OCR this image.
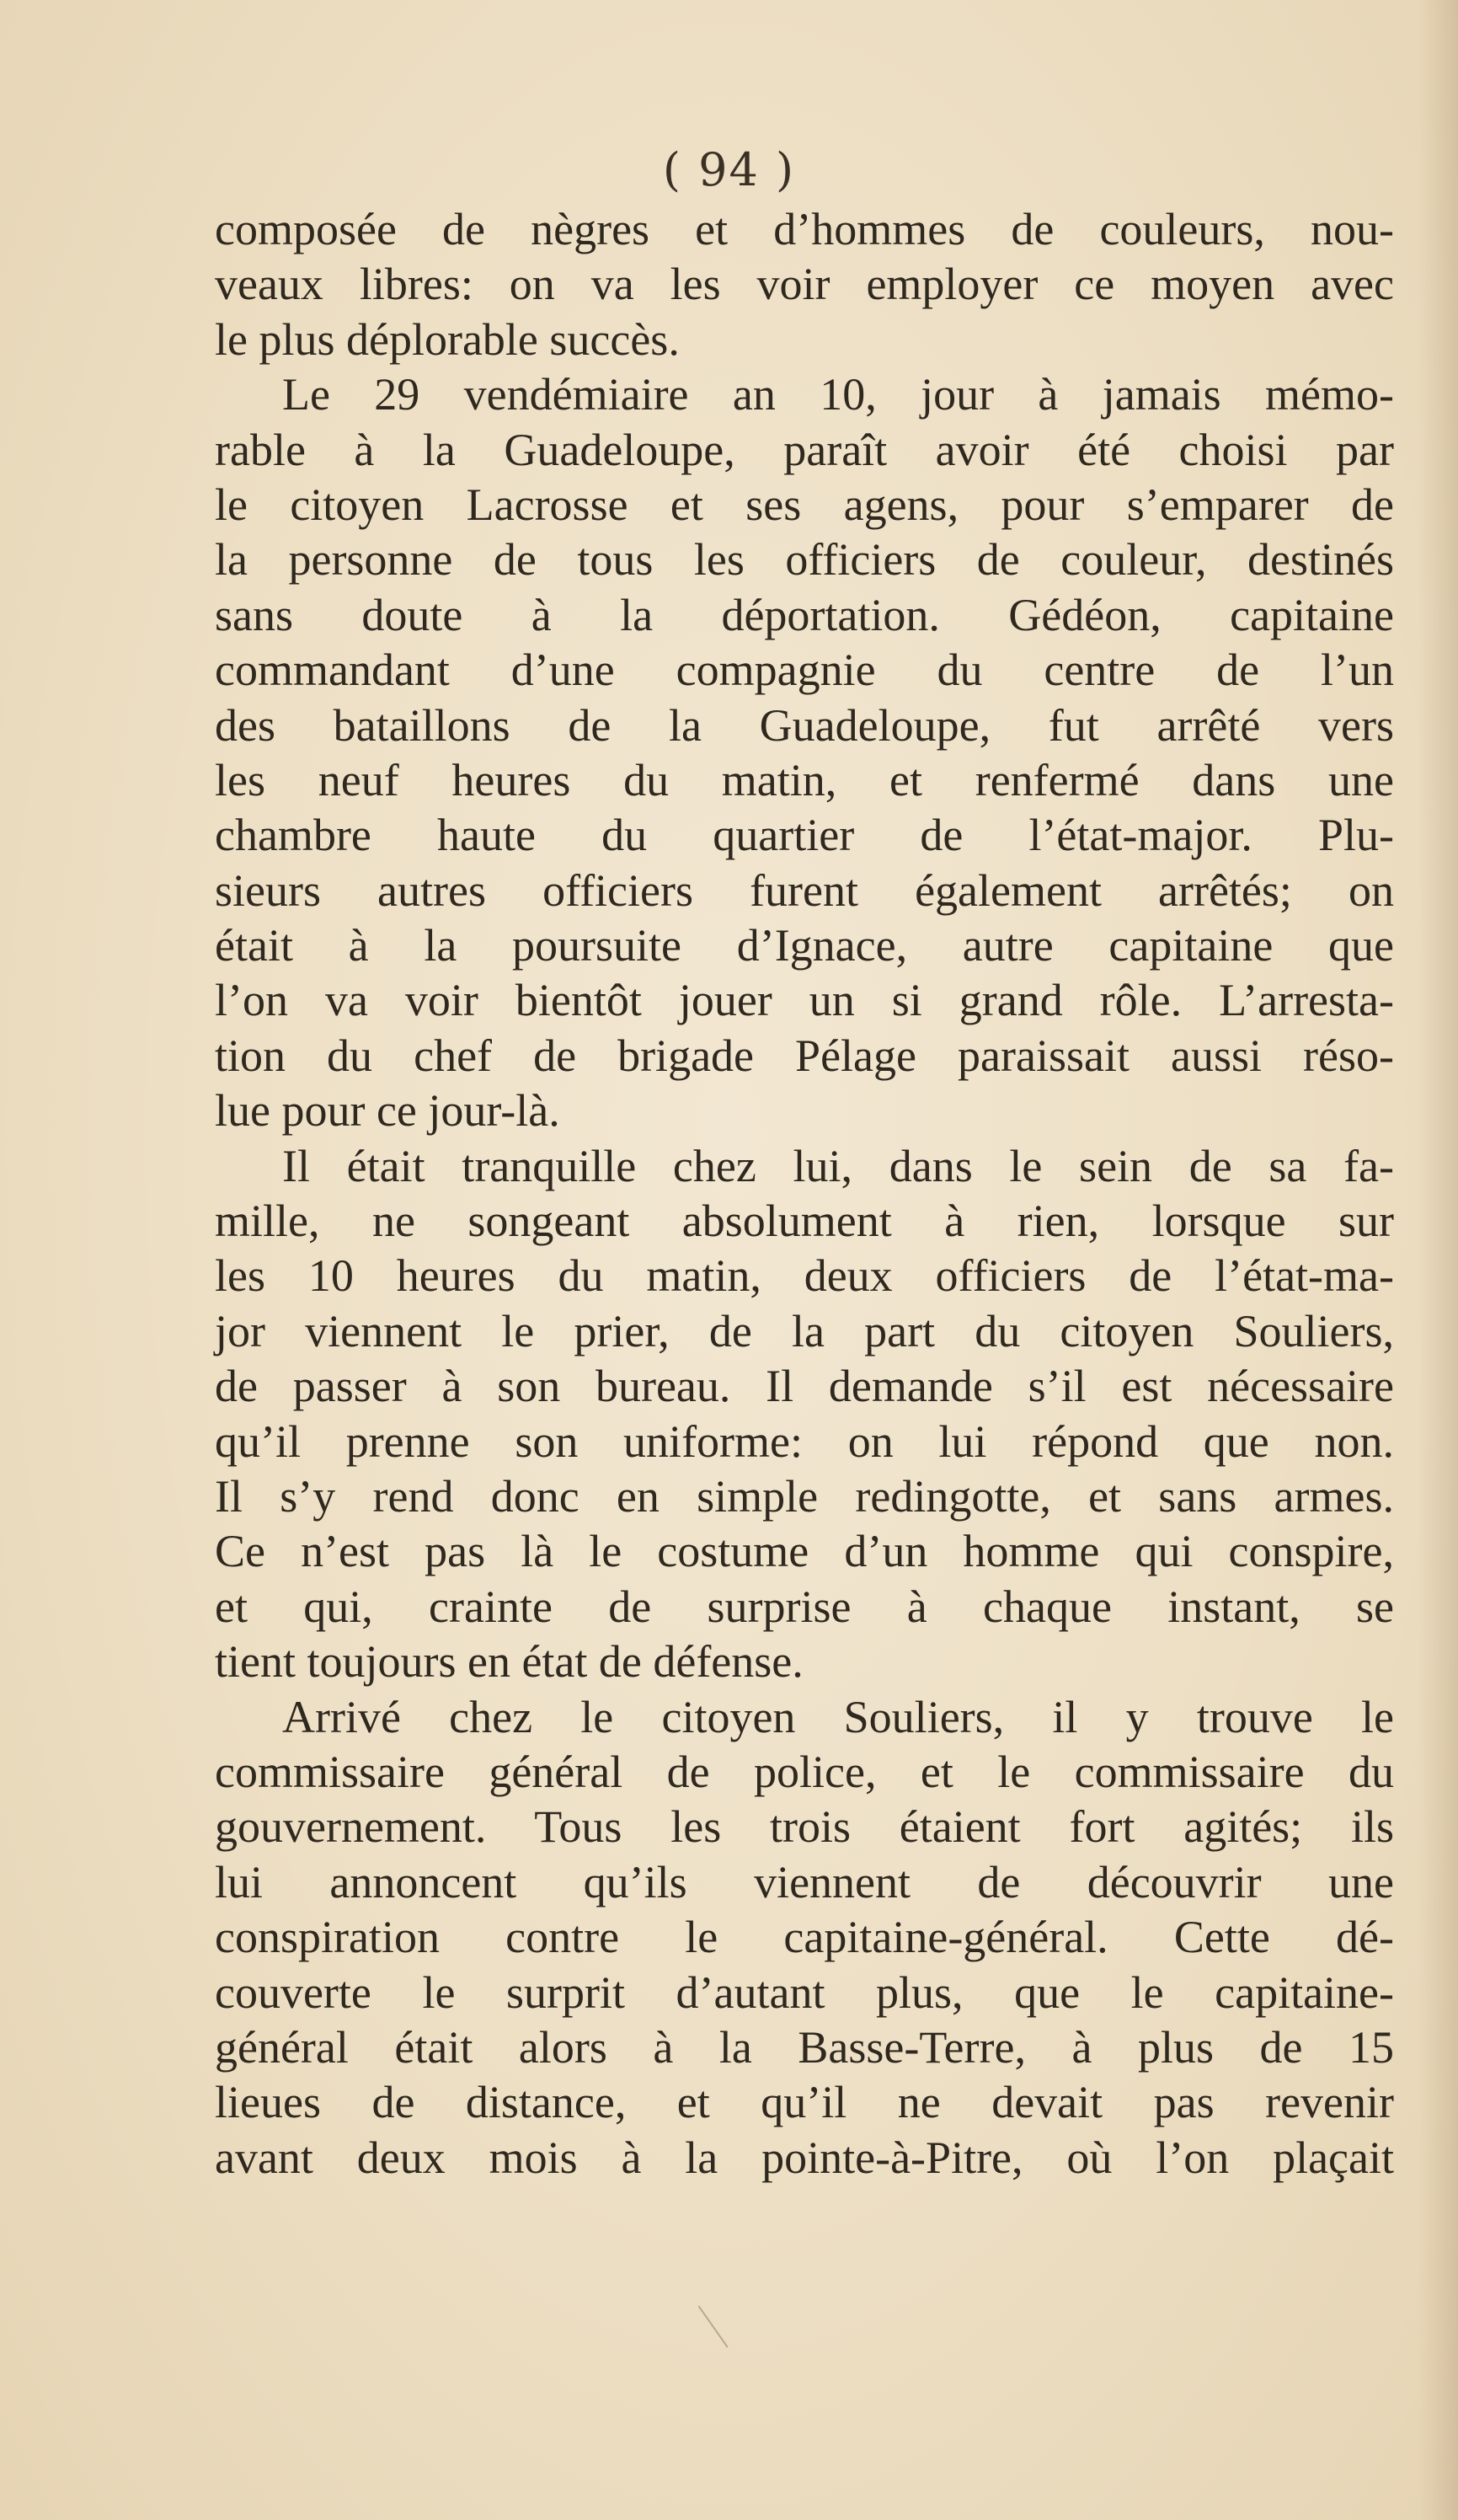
( 94 )
composée de nègres et d’hommes de couleurs, nou-
veaux libres: on va les voir employer ce moyen avec
le plus déplorable succès.
Le 29 vendémiaire an 10, jour à jamais mémo-
rable à la Guadeloupe, paraît avoir été choisi par
le citoyen Lacrosse et ses agens, pour s’emparer de
la personne de tous les officiers de couleur, destinés
sans doute à la déportation. Gédéon, capitaine
commandant d’une compagnie du centre de l’un
des bataillons de la Guadeloupe, fut arrêté vers
les neuf heures du matin, et renfermé dans une
chambre haute du quartier de l’état-major. Plu-
sieurs autres officiers furent également arrêtés; on
était à la poursuite d’Ignace, autre capitaine que
l’on va voir bientôt jouer un si grand rôle. L’arresta-
tion du chef de brigade Pélage paraissait aussi réso-
lue pour ce jour-là.
Il était tranquille chez lui, dans le sein de sa fa-
mille, ne songeant absolument à rien, lorsque sur
les 10 heures du matin, deux officiers de l’état-ma-
jor viennent le prier, de la part du citoyen Souliers,
de passer à son bureau. Il demande s’il est nécessaire
qu’il prenne son uniforme: on lui répond que non.
Il s’y rend donc en simple redingotte, et sans armes.
Ce n’est pas là le costume d’un homme qui conspire,
et qui, crainte de surprise à chaque instant, se
tient toujours en état de défense.
Arrivé chez le citoyen Souliers, il y trouve le
commissaire général de police, et le commissaire du
gouvernement. Tous les trois étaient fort agités; ils
lui annoncent qu’ils viennent de découvrir une
conspiration contre le capitaine-général. Cette dé-
couverte le surprit d’autant plus, que le capitaine-
général était alors à la Basse-Terre, à plus de 15
lieues de distance, et qu’il ne devait pas revenir
avant deux mois à la pointe-à-Pitre, où l’on plaçait
